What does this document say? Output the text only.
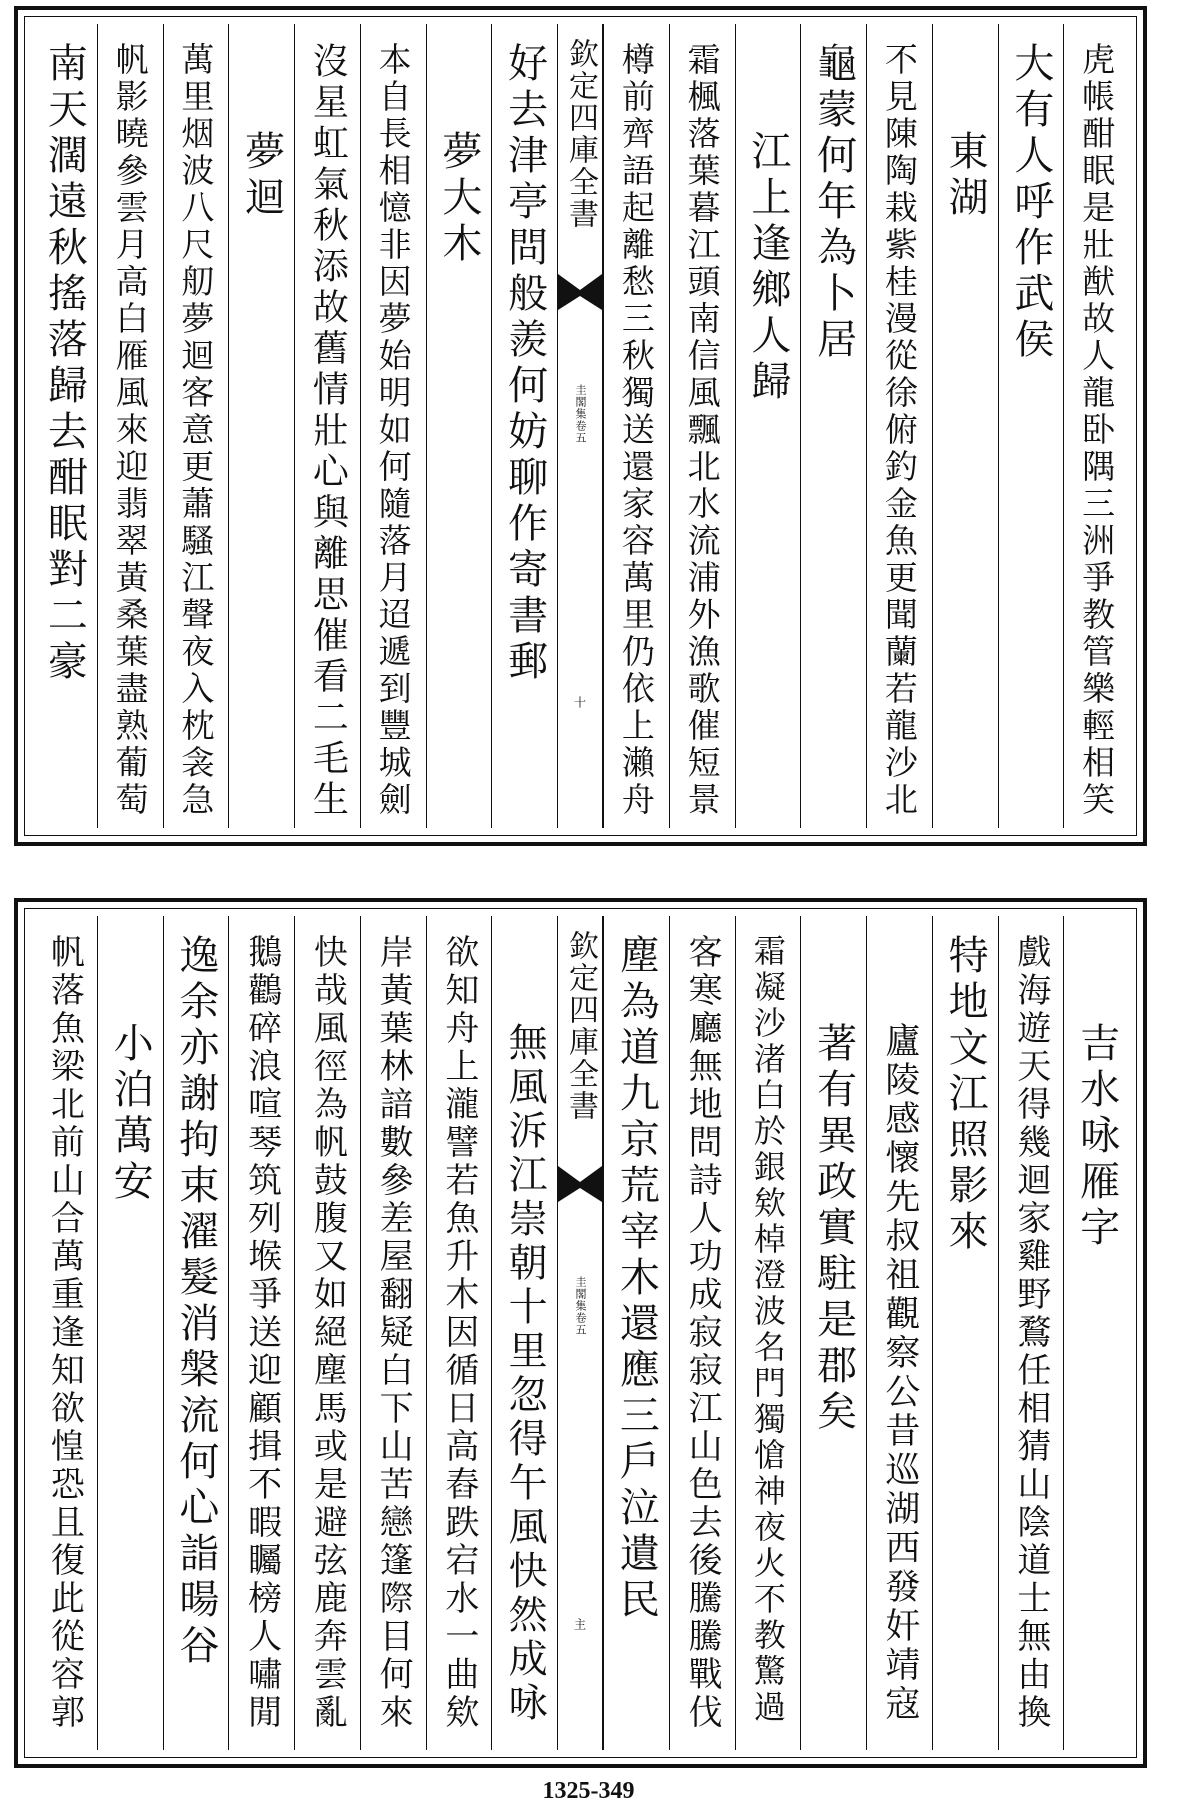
虎帳酣眠是壯猷故人龍卧隅三洲爭教管樂輕相笑
大有人呼作武侯
東湖
不見陳陶栽紫桂漫從徐俯釣金魚更聞蘭若龍沙北
龜蒙何年為卜居
江上逢鄉人歸
霜楓落葉暮江頭南信風飄北水流浦外漁歌催短景
樽前齊語起離愁三秋獨送還家容萬里仍依上瀨舟
欽定四庫全書
圭閣集卷五
十
好去津亭問般羨何妨聊作寄書郵
夢大木
本自長相憶非因夢始明如何隨落月迢遞到豐城劍
沒星虹氣秋添故舊情壯心與離思催看二毛生
夢迴
萬里烟波八尺舠夢迴客意更蕭騷江聲夜入枕衾急
帆影曉參雲月高白雁風來迎翡翠黃桑葉盡熟葡萄
南天濶遠秋搖落歸去酣眠對二豪
吉水咏雁字
戲海遊天得幾迴家雞野鶩任相猜山陰道士無由換
特地文江照影來
廬陵感懷先叔祖觀察公昔巡湖西發奸靖寇
著有異政實駐是郡矣
霜凝沙渚白於銀欸棹澄波名門獨愴神夜火不教驚過
客寒廳無地問詩人功成寂寂江山色去後騰騰戰伐
塵為道九京荒宰木還應三戶泣遺民
欽定四庫全書
圭閣集卷五
主
無風泝江崇朝十里忽得午風快然成咏
欲知舟上瀧譬若魚升木因循日高舂跌宕水一曲欸
岸黃葉林諳數參差屋翻疑白下山苦戀篷際目何來
快哉風徑為帆鼓腹又如絕塵馬或是避弦鹿奔雲亂
鵝鸛碎浪喧琴筑列堠爭送迎顧揖不暇矚榜人嘯閒
逸余亦謝拘束濯髮消槃流何心詣暘谷
小泊萬安
帆落魚梁北前山合萬重逢知欲惶恐且復此從容郭
1325-349
